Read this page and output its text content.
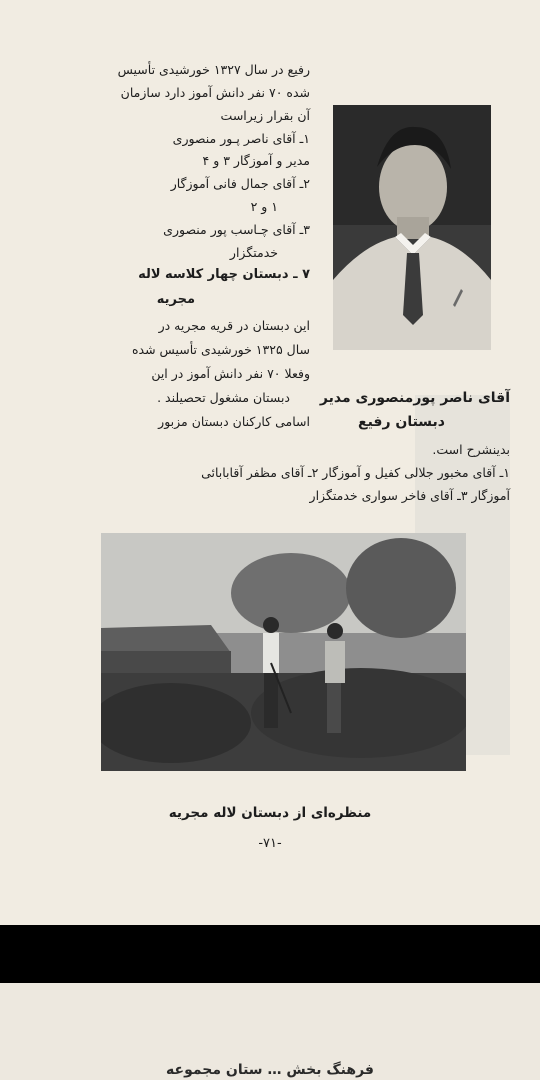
رفیع در سال ۱۳۲۷ خورشیدی تأسیس
شده ۷۰ نفر دانش آموز دارد سازمان
آن بقرار زیراست
۱ـ آقای ناصر پـور منصوری
مدیر و آموزگار ۳ و ۴
۲ـ آقای جمال فانی آموزگار
۱ و ۲
۳ـ آقای چـاسب پور منصوری
خدمتگزار
۷ ـ دبستان چهار کلاسه لاله
مجریه
این دبستان در قریه مجریه در
سال ۱۳۲۵ خورشیدی تأسیس شده
وفعلا ۷۰ نفر دانش آموز در این
دبستان مشغول تحصیلند .
اسامی کارکنان دبستان مزبور
آقای ناصر پورمنصوری مدیر
دبستان رفیع
بدینشرح است.
۱ـ آقای مخبور جلالی کفیل و آموزگار ۲ـ آقای مظفر آقابابائی
آموزگار ۳ـ آقای فاخر سواری خدمتگزار
منظره‌ای از دبستان لاله مجریه
-۷۱-
فرهنگ بخش … ستان مجموعه
